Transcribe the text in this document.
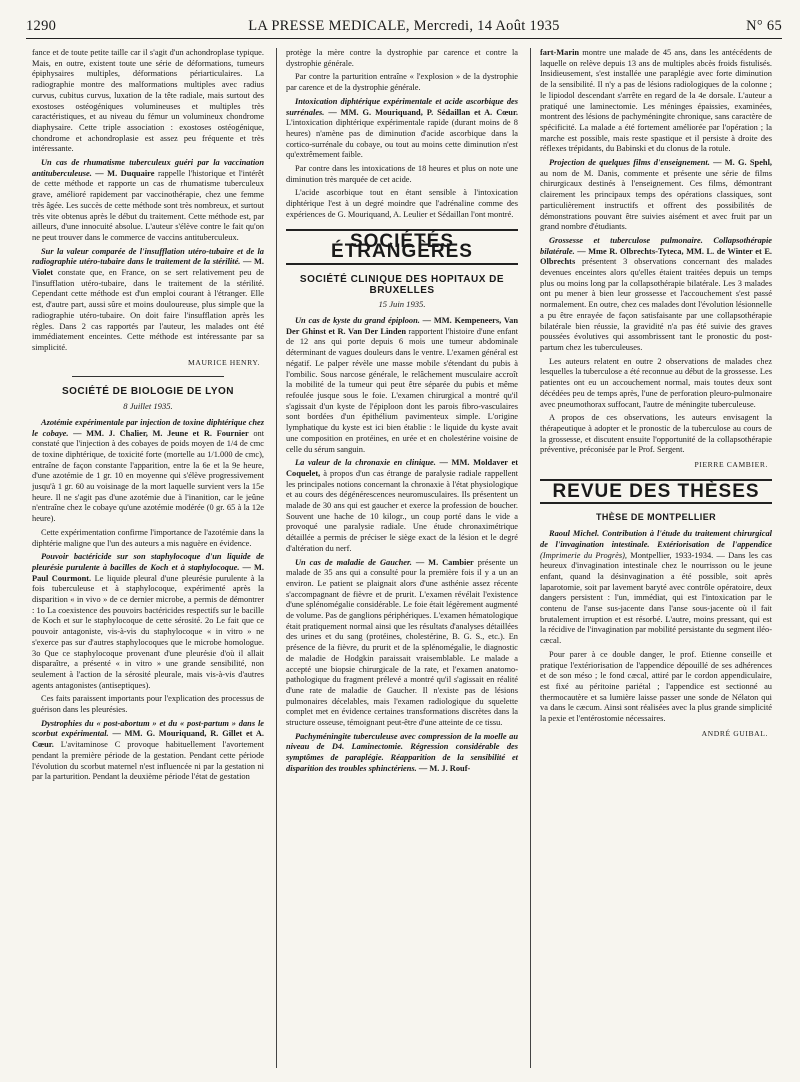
1290	LA PRESSE MEDICALE, Mercredi, 14 Août 1935	N° 65

fance et de toute petite taille car il s'agit d'un achondroplase typique. Mais, en outre, existent toute une série de déformations, tumeurs épiphysaires multiples, déformations périarticulaires. La radiographie montre des malformations multiples avec radius curvus, cubitus curvus, luxation de la tête radiale, mais surtout des exostoses ostéogéniques volumineuses et multiples très caractéristiques, et au niveau du fémur un volumineux chondrome diaphysaire. Cette triple association : exostoses ostéogénique, chondrome et achondroplasie est assez peu fréquente et très intéressante.

Un cas de rhumatisme tuberculeux guéri par la vaccination antituberculeuse. — M. Duquaire rappelle l'historique et l'intérêt de cette méthode et rapporte un cas de rhumatisme tuberculeux grave, amélioré rapidement par vaccinothérapie, chez une femme très âgée. Les succès de cette méthode sont très nombreux, et surtout très vite obtenus après le début du traitement. Cette méthode est, par ailleurs, d'une innocuité absolue. L'auteur s'élève contre le fait qu'on ne peut trouver dans le commerce de vaccins antituberculeux.

Sur la valeur comparée de l'insufflation utéro-tubaire et de la radiographie utéro-tubaire dans le traitement de la stérilité. — M. Violet constate que, en France, on se sert relativement peu de l'insufflation utéro-tubaire, dans le traitement de la stérilité. Cependant cette méthode est d'un emploi courant à l'étranger. Elle est, d'autre part, aussi sûre et moins douloureuse, plus simple que la radiographie utéro-tubaire. On doit faire l'insufflation après les règles. Dans 2 cas rapportés par l'auteur, les malades ont été immédiatement enceintes. Cette méthode est intéressante par sa simplicité.

MAURICE HENRY.
SOCIÉTÉ DE BIOLOGIE DE LYON
8 Juillet 1935.

Azotémie expérimentale par injection de toxine diphtérique chez le cobaye. — MM. J. Chalier, M. Jeune et R. Fournier ont constaté que l'injection à des cobayes de poids moyen de 1/4 de cmc de toxine diphtérique, de toxicité forte (mortelle au 1/1.000 de cmc), entraîne de façon constante l'apparition, entre la 6e et la 9e heure, d'une azotémie de 1 gr. 10 en moyenne qui s'élève progressivement jusqu'à 1 gr. 60 au voisinage de la mort laquelle survient vers la 15e heure. Il ne s'agit pas d'une azotémie due à l'inanition, car le jeûne n'entraîne chez le cobaye qu'une azotémie modérée (0 gr. 65 à la 12e heure).

Cette expérimentation confirme l'importance de l'azotémie dans la diphtérie maligne que l'un des auteurs a mis naguère en évidence.

Pouvoir bactéricide sur son staphylocoque d'un liquide de pleurésie purulente à bacilles de Koch et à staphylocoque. — M. Paul Courmont. Le liquide pleural d'une pleurésie purulente à la fois tuberculeuse et à staphylocoque, expérimenté après la disparition « in vivo » de ce dernier microbe, a permis de démontrer : 1o La coexistence des pouvoirs bactéricides respectifs sur le bacille de Koch et sur le staphylocoque de cette sérosité. 2o Le fait que ce pouvoir antagoniste, vis-à-vis du staphylocoque « in vitro » ne s'exerce pas sur d'autres staphylocoques que le microbe homologue. 3o Que ce staphylocoque provenant d'une pleurésie d'où il allait disparaître, a présenté « in vitro » une grande sensibilité, non seulement à l'action de la sérosité pleurale, mais vis-à-vis d'autres agents antagonistes (antiseptiques).

Ces faits paraissent importants pour l'explication des processus de guérison dans les pleurésies.

Dystrophies du « post-abortum » et du « post-partum » dans le scorbut expérimental. — MM. G. Mouriquand, R. Gillet et A. Cœur. L'avitaminose C provoque habituellement l'avortement pendant la première période de la gestation. Pendant cette période l'évolution du scorbut maternel n'est influencée ni par la gestation ni par la parturition. Pendant la deuxième période l'état de gestation

protège la mère contre la dystrophie par carence et contre la dystrophie générale.

Par contre la parturition entraîne « l'explosion » de la dystrophie par carence et de la dystrophie générale.

Intoxication diphtérique expérimentale et acide ascorbique des surrénales. — MM. G. Mouriquand, P. Sédaillan et A. Cœur. L'intoxication diphtérique expérimentale rapide (durant moins de 8 heures) n'amène pas de diminution d'acide ascorbique dans la cortico-surrénale du cobaye, ou tout au moins cette diminution n'est qu'extrêmement faible.

Par contre dans les intoxications de 18 heures et plus on note une diminution très marquée de cet acide.

L'acide ascorbique tout en étant sensible à l'intoxication diphtérique l'est à un degré moindre que l'adrénaline comme des expériences de G. Mouriquand, A. Leulier et Sédaillan l'ont montré.

SOCIÉTÉS ÉTRANGÈRES
SOCIÉTÉ CLINIQUE DES HOPITAUX DE BRUXELLES
15 Juin 1935.

Un cas de kyste du grand épiploon. — MM. Kempeneers, Van Der Ghinst et R. Van Der Linden rapportent l'histoire d'une enfant de 12 ans qui porte depuis 6 mois une tumeur abdominale déterminant de vagues douleurs dans le ventre. L'examen général est négatif. Le palper révèle une masse mobile s'étendant du pubis à l'ombilic. Sous narcose générale, le relâchement musculaire accroît la mobilité de la tumeur qui peut être séparée du pubis et même refoulée jusque sous le foie. L'examen chirurgical a montré qu'il s'agissait d'un kyste de l'épiploon dont les parois fibro-vasculaires sont bordées d'un épithélium pavimenteux simple. L'origine lymphatique du kyste est ici bien établie : le liquide du kyste avait une composition en protéines, en urée et en cholestérine voisine de celle du sérum sanguin.

La valeur de la chronaxie en clinique. — MM. Moldaver et Coquelet, à propos d'un cas étrange de paralysie radiale rappellent les principales notions concernant la chronaxie à l'état physiologique et au cours des dégénérescences neuromusculaires. Ils présentent un malade de 30 ans qui est gaucher et exerce la profession de boucher. Souvent une hache de 10 kilogr., un coup porté dans le vide a provoqué une paralysie radiale. Une étude chronaximétrique détaillée a permis de préciser le siège exact de la lésion et le degré d'altération du nerf.

Un cas de maladie de Gaucher. — M. Cambier présente un malade de 35 ans qui a consulté pour la première fois il y a un an environ. Le patient se plaignait alors d'une asthénie assez récente s'accompagnant de fièvre et de prurit. L'examen révélait l'existence d'une splénomégalie considérable. Le foie était légèrement augmenté de volume. Pas de ganglions périphériques. L'examen hématologique était pratiquement normal ainsi que les résultats d'analyses détaillées des urines et du sang (protéines, cholestérine, B. G. S., etc.). En présence de la fièvre, du prurit et de la splénomégalie, le diagnostic de maladie de Hodgkin paraissait vraisemblable. Le malade a accepté une biopsie chirurgicale de la rate, et l'examen anatomo-pathologique du fragment prélevé a montré qu'il s'agissait en réalité d'une rate de maladie de Gaucher. Il n'existe pas de lésions pulmonaires décelables, mais l'examen radiologique du squelette complet met en évidence certaines transformations discrètes dans la structure osseuse, témoignant peut-être d'une atteinte de ce tissu.

Pachyméningite tuberculeuse avec compression de la moelle au niveau de D4. Laminectomie. Régression considérable des symptômes de paraplégie. Réapparition de la sensibilité et disparition des troubles sphinctériens. — M. J. Rouf-

fart-Marin montre une malade de 45 ans, dans les antécédents de laquelle on relève depuis 13 ans de multiples abcès froids fistulisés. Insidieusement, s'est installée une paraplégie avec forte diminution de la sensibilité. Il n'y a pas de lésions radiologiques de la colonne ; le lipiodol descendant s'arrête en regard de la 4e dorsale. L'auteur a pratiqué une laminectomie. Les méninges épaissies, examinées, montrent des lésions de pachyméningite chronique, sans caractère de spécificité. La malade a été fortement améliorée par l'opération ; la marche est possible, mais reste spastique et il persiste à droite des réflexes trépidants, du Babinski et du clonus de la rotule.

Projection de quelques films d'enseignement. — M. G. Spehl, au nom de M. Danis, commente et présente une série de films chirurgicaux destinés à l'enseignement. Ces films, démontrant clairement les principaux temps des opérations classiques, sont particulièrement instructifs et offrent des possibilités de démonstrations pouvant être suivies aisément et avec fruit par un grand nombre d'étudiants.

Grossesse et tuberculose pulmonaire. Collapsothérapie bilatérale. — Mme R. Olbrechts-Tyteca, MM. L. de Winter et E. Olbrechts présentent 3 observations concernant des malades devenues enceintes alors qu'elles étaient traitées depuis un temps plus ou moins long par la collapsothérapie bilatérale. Les 3 malades ont pu mener à bien leur grossesse et l'accouchement s'est passé normalement. En outre, chez ces malades dont l'évolution lésionnelle a pu être enrayée de façon satisfaisante par une collapsothérapie bilatérale bien réussie, la gravidité n'a pas été suivie des graves poussées évolutives qui assombrissent tant le pronostic du post-partum chez les tuberculeuses.

Les auteurs relatent en outre 2 observations de malades chez lesquelles la tuberculose a été reconnue au début de la grossesse. Les patientes ont eu un accouchement normal, mais toutes deux sont décédées peu de temps après, l'une de perforation pleuro-pulmonaire avec pneumothorax suffocant, l'autre de méningite tuberculeuse.

A propos de ces observations, les auteurs envisagent la thérapeutique à adopter et le pronostic de la tuberculose au cours de la grossesse, et discutent ensuite l'opportunité de la collapsothérapie préventive, préconisée par le Prof. Sergent.

PIERRE CAMBIER.
REVUE DES THÈSES
THÈSE DE MONTPELLIER

Raoul Michel. Contribution à l'étude du traitement chirurgical de l'invagination intestinale. Extériorisation de l'appendice (Imprimerie du Progrès), Montpellier, 1933-1934. — Dans les cas heureux d'invagination intestinale chez le nourrisson ou le jeune enfant, quand la désinvagination a été possible, soit après laparotomie, soit par lavement baryté avec contrôle opératoire, deux dangers persistent : l'un, immédiat, qui est l'intoxication par le contenu de l'anse sus-jacente dans l'anse sous-jacente où il fait brutalement irruption et est résorbé. L'autre, moins pressant, qui est la récidive de l'invagination par mobilité persistante du segment iléo-cæcal.

Pour parer à ce double danger, le prof. Etienne conseille et pratique l'extériorisation de l'appendice dépouillé de ses adhérences et de son méso ; le fond cæcal, attiré par le cordon appendiculaire, est fixé au péritoine pariétal ; l'appendice est sectionné au thermocautère et sa lumière laisse passer une sonde de Nélaton qui va dans le cæcum. Ainsi sont réalisées avec la plus grande simplicité la pexie et l'entérostomie nécessaires.

ANDRÉ GUIBAL.
